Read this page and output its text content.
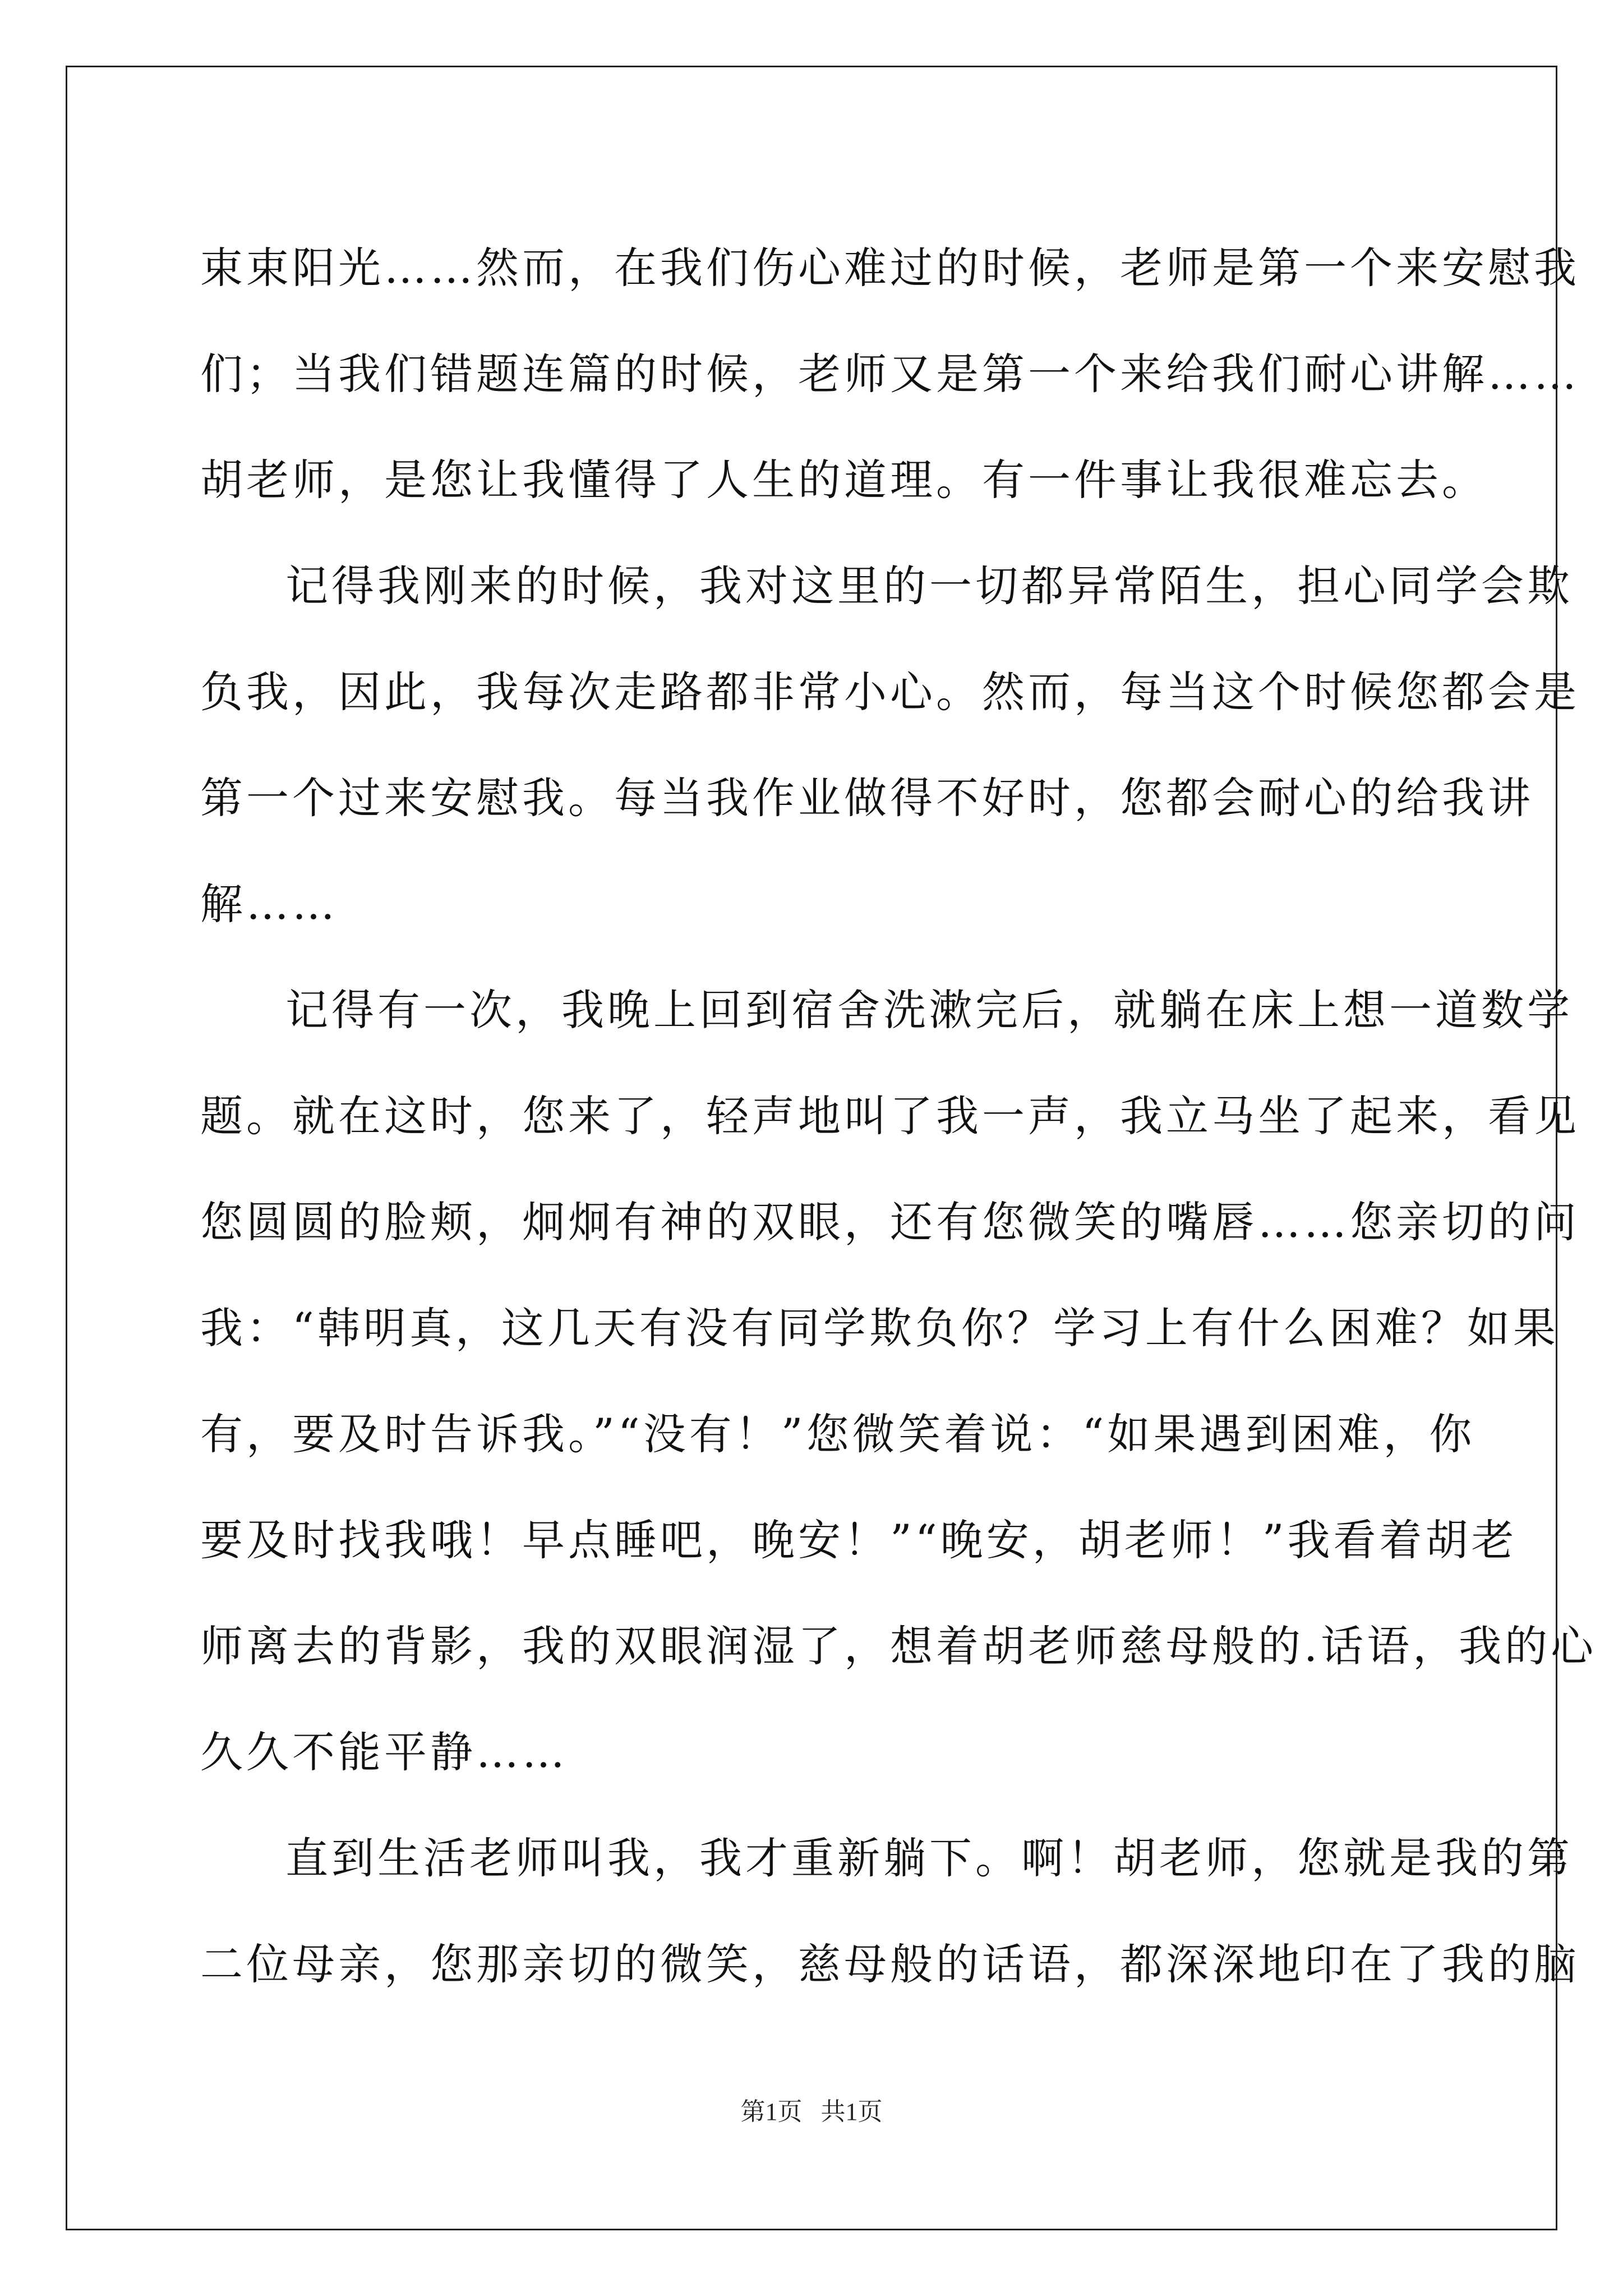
束束阳光……然而，在我们伤心难过的时候，老师是第一个来安慰我
们；当我们错题连篇的时候，老师又是第一个来给我们耐心讲解……
胡老师，是您让我懂得了人生的道理。有一件事让我很难忘去。

记得我刚来的时候，我对这里的一切都异常陌生，担心同学会欺
负我，因此，我每次走路都非常小心。然而，每当这个时候您都会是
第一个过来安慰我。每当我作业做得不好时，您都会耐心的给我讲
解……

记得有一次，我晚上回到宿舍洗漱完后，就躺在床上想一道数学
题。就在这时，您来了，轻声地叫了我一声，我立马坐了起来，看见
您圆圆的脸颊，炯炯有神的双眼，还有您微笑的嘴唇……您亲切的问
我：“韩明真，这几天有没有同学欺负你？学习上有什么困难？如果
有，要及时告诉我。”“没有！”您微笑着说：“如果遇到困难，你
要及时找我哦！早点睡吧，晚安！”“晚安，胡老师！”我看着胡老
师离去的背影，我的双眼润湿了，想着胡老师慈母般的.话语，我的心
久久不能平静……

直到生活老师叫我，我才重新躺下。啊！胡老师，您就是我的第
二位母亲，您那亲切的微笑，慈母般的话语，都深深地印在了我的脑

第1页 共1页
